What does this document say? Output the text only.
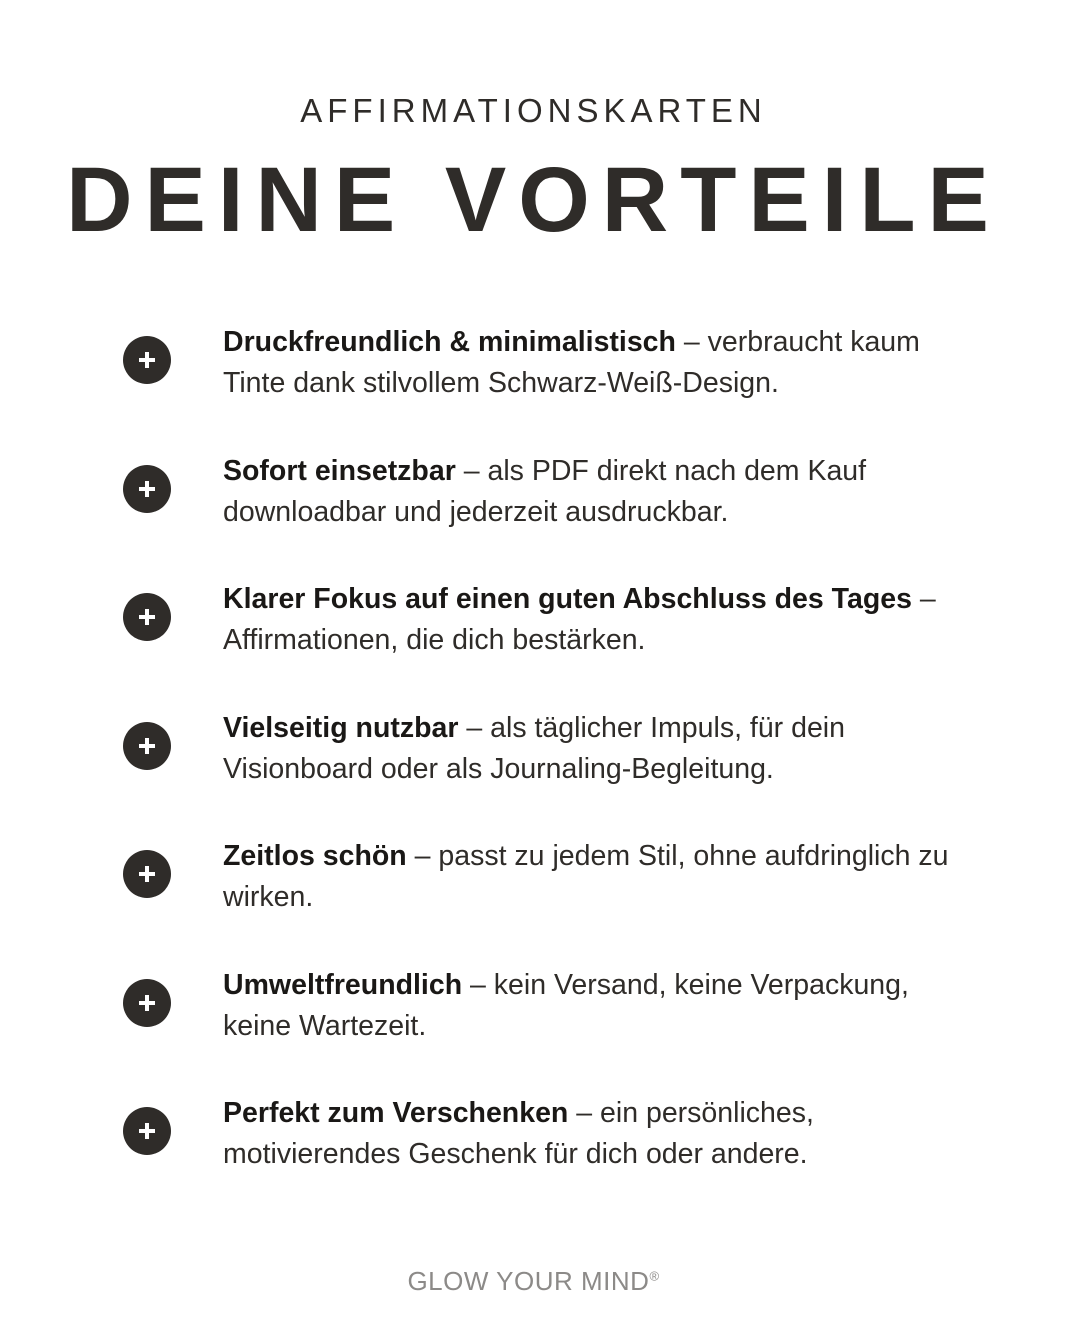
AFFIRMATIONSKARTEN
DEINE VORTEILE
Druckfreundlich & minimalistisch – verbraucht kaum Tinte dank stilvollem Schwarz-Weiß-Design.
Sofort einsetzbar – als PDF direkt nach dem Kauf downloadbar und jederzeit ausdruckbar.
Klarer Fokus auf einen guten Abschluss des Tages – Affirmationen, die dich bestärken.
Vielseitig nutzbar – als täglicher Impuls, für dein Visionboard oder als Journaling-Begleitung.
Zeitlos schön – passt zu jedem Stil, ohne aufdringlich zu wirken.
Umweltfreundlich – kein Versand, keine Verpackung, keine Wartezeit.
Perfekt zum Verschenken – ein persönliches, motivierendes Geschenk für dich oder andere.
GLOW YOUR MIND®
